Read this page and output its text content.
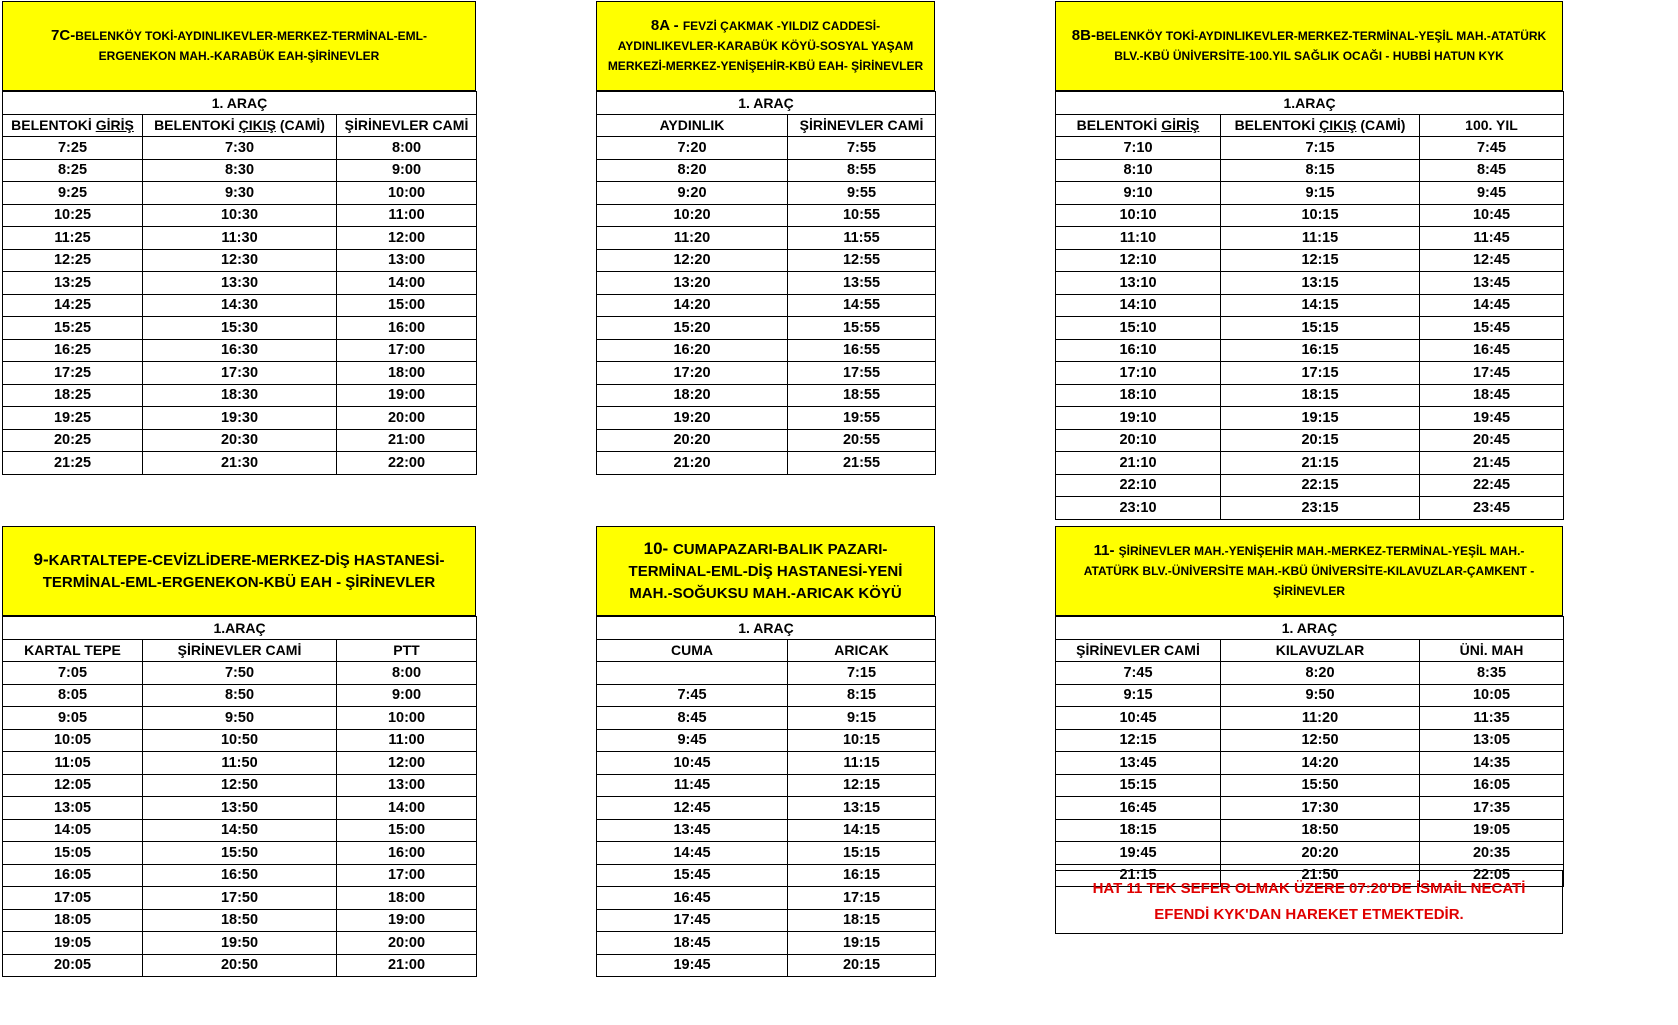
7C-BELENKÖY TOKİ-AYDINLIKEVLER-MERKEZ-TERMİNAL-EML-ERGENEKON MAH.-KARABÜK EAH-ŞİRİNEVLER
1. ARAÇ		
BELENTOKİ GİRİŞ	BELENTOKİ ÇIKIŞ (CAMİ)	ŞİRİNEVLER CAMİ
7:25	7:30	8:00
8:25	8:30	9:00
9:25	9:30	10:00
10:25	10:30	11:00
11:25	11:30	12:00
12:25	12:30	13:00
13:25	13:30	14:00
14:25	14:30	15:00
15:25	15:30	16:00
16:25	16:30	17:00
17:25	17:30	18:00
18:25	18:30	19:00
19:25	19:30	20:00
20:25	20:30	21:00
21:25	21:30	22:00
8A - FEVZİ ÇAKMAK -YILDIZ CADDESİ-AYDINLIKEVLER-KARABÜK KÖYÜ-SOSYAL YAŞAM MERKEZİ-MERKEZ-YENİŞEHİR-KBÜ EAH- ŞİRİNEVLER
1. ARAÇ	
AYDINLIK	ŞİRİNEVLER CAMİ
7:20	7:55
8:20	8:55
9:20	9:55
10:20	10:55
11:20	11:55
12:20	12:55
13:20	13:55
14:20	14:55
15:20	15:55
16:20	16:55
17:20	17:55
18:20	18:55
19:20	19:55
20:20	20:55
21:20	21:55
8B-BELENKÖY TOKİ-AYDINLIKEVLER-MERKEZ-TERMİNAL-YEŞİL MAH.-ATATÜRK BLV.-KBÜ ÜNİVERSİTE-100.YIL SAĞLIK OCAĞI - HUBBİ HATUN KYK
1.ARAÇ		
BELENTOKİ GİRİŞ	BELENTOKİ ÇIKIŞ (CAMİ)	100. YIL
7:10	7:15	7:45
8:10	8:15	8:45
9:10	9:15	9:45
10:10	10:15	10:45
11:10	11:15	11:45
12:10	12:15	12:45
13:10	13:15	13:45
14:10	14:15	14:45
15:10	15:15	15:45
16:10	16:15	16:45
17:10	17:15	17:45
18:10	18:15	18:45
19:10	19:15	19:45
20:10	20:15	20:45
21:10	21:15	21:45
22:10	22:15	22:45
23:10	23:15	23:45
9-KARTALTEPE-CEVİZLİDERE-MERKEZ-DİŞ HASTANESİ-TERMİNAL-EML-ERGENEKON-KBÜ EAH - ŞİRİNEVLER
1.ARAÇ		
KARTAL TEPE	ŞİRİNEVLER CAMİ	PTT
7:05	7:50	8:00
8:05	8:50	9:00
9:05	9:50	10:00
10:05	10:50	11:00
11:05	11:50	12:00
12:05	12:50	13:00
13:05	13:50	14:00
14:05	14:50	15:00
15:05	15:50	16:00
16:05	16:50	17:00
17:05	17:50	18:00
18:05	18:50	19:00
19:05	19:50	20:00
20:05	20:50	21:00
10- CUMAPAZARI-BALIK PAZARI-TERMİNAL-EML-DİŞ HASTANESİ-YENİ MAH.-SOĞUKSU MAH.-ARICAK KÖYÜ
1. ARAÇ	
CUMA	ARICAK
	7:15
7:45	8:15
8:45	9:15
9:45	10:15
10:45	11:15
11:45	12:15
12:45	13:15
13:45	14:15
14:45	15:15
15:45	16:15
16:45	17:15
17:45	18:15
18:45	19:15
19:45	20:15
11- ŞİRİNEVLER MAH.-YENİŞEHİR MAH.-MERKEZ-TERMİNAL-YEŞİL MAH.-ATATÜRK BLV.-ÜNİVERSİTE MAH.-KBÜ ÜNİVERSİTE-KILAVUZLAR-ÇAMKENT - ŞİRİNEVLER
1. ARAÇ		
ŞİRİNEVLER CAMİ	KILAVUZLAR	ÜNİ. MAH
7:45	8:20	8:35
9:15	9:50	10:05
10:45	11:20	11:35
12:15	12:50	13:05
13:45	14:20	14:35
15:15	15:50	16:05
16:45	17:30	17:35
18:15	18:50	19:05
19:45	20:20	20:35
21:15	21:50	22:05
HAT 11 TEK SEFER OLMAK ÜZERE 07:20'DE İSMAİL NECATİ EFENDİ KYK'DAN HAREKET ETMEKTEDİR.
